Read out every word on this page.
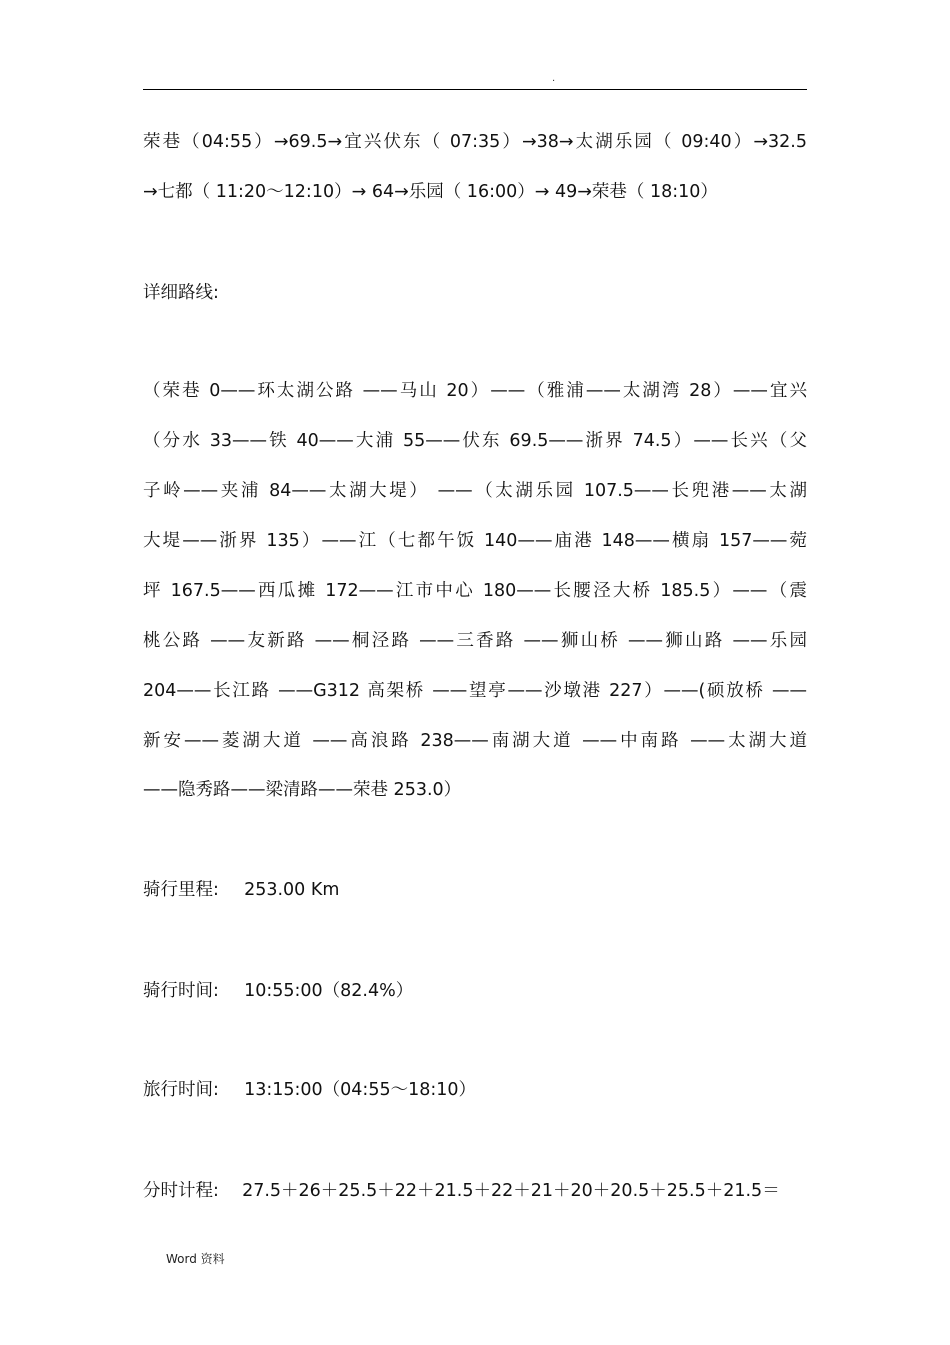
.
荣巷（04:55）→69.5→宜兴伏东（ 07:35）→38→太湖乐园（ 09:40）→32.5
→七都（ 11:20～12:10）→ 64→乐园（ 16:00）→ 49→荣巷（ 18:10）
详细路线:
（荣巷 0——环太湖公路 ——马山 20）——（雅浦——太湖湾 28）——宜兴
（分水 33——铁 40——大浦 55——伏东 69.5——浙界 74.5）——长兴（父
子岭——夹浦 84——太湖大堤） ——（太湖乐园 107.5——长兜港——太湖
大堤——浙界 135）——江（七都午饭 140——庙港 148——横扇 157——菀
坪 167.5——西瓜摊 172——江市中心 180——长腰泾大桥 185.5）——（震
桃公路 ——友新路 ——桐泾路 ——三香路 ——狮山桥 ——狮山路 ——乐园
204——长江路 ——G312 高架桥 ——望亭——沙墩港 227）——(硕放桥 ——
新安——菱湖大道 ——高浪路 238——南湖大道 ——中南路 ——太湖大道
——隐秀路——梁清路——荣巷 253.0）
骑行里程: 253.00 Km
骑行时间: 10:55:00（82.4%）
旅行时间: 13:15:00（04:55～18:10）
分时计程: 27.5＋26＋25.5＋22＋21.5＋22＋21＋20＋20.5＋25.5＋21.5＝
Word 资料
